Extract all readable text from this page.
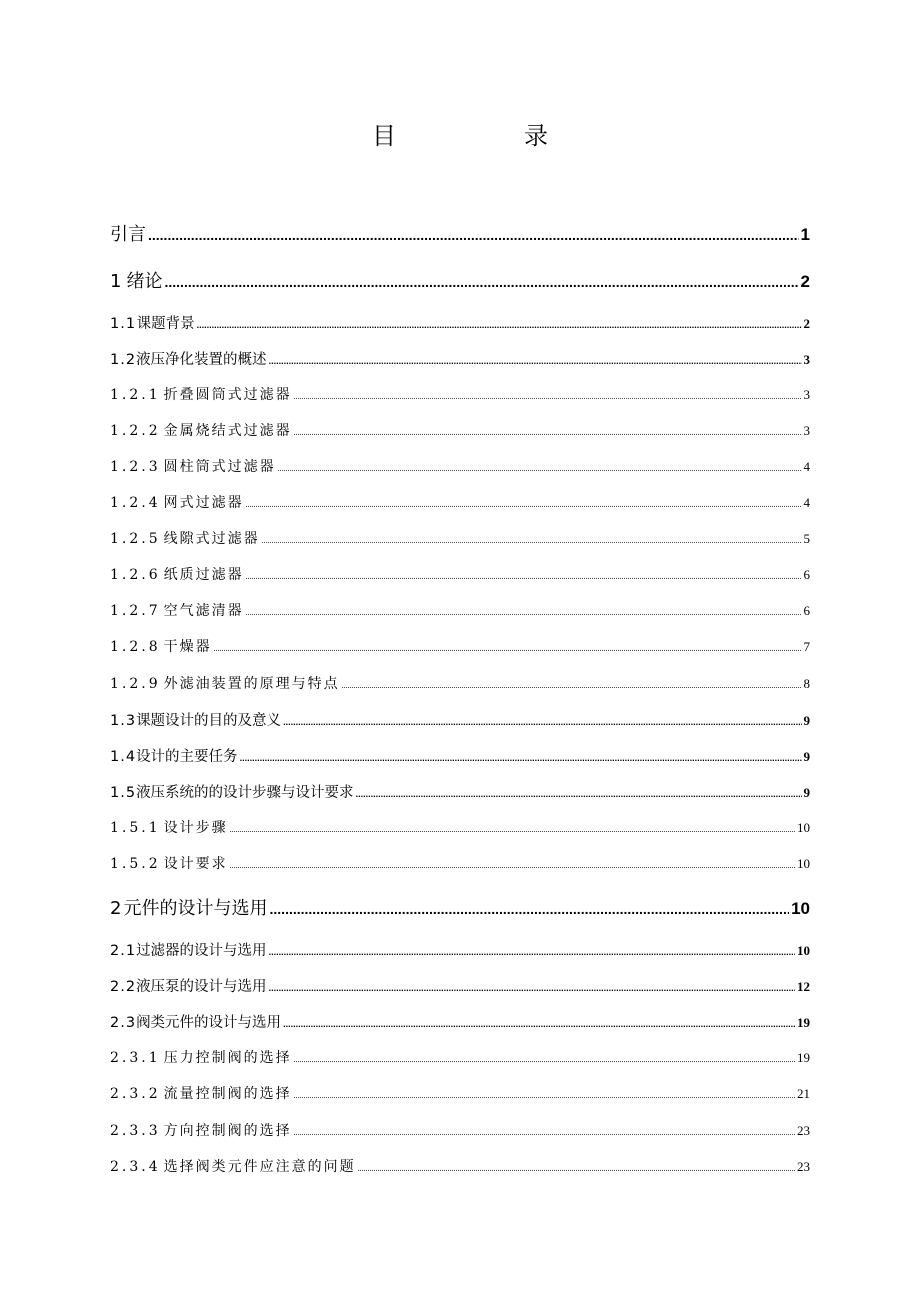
目　录
引言 .....	1
1 绪论 .....	2
1.1 课题背景 .....	2
1.2 液压净化装置的概述 .....	3
1.2.1 折叠圆筒式过滤器 .....	3
1.2.2 金属烧结式过滤器 .....	3
1.2.3 圆柱筒式过滤器 .....	4
1.2.4 网式过滤器 .....	4
1.2.5 线隙式过滤器 .....	5
1.2.6 纸质过滤器 .....	6
1.2.7 空气滤清器 .....	6
1.2.8 干燥器 .....	7
1.2.9 外滤油装置的原理与特点 .....	8
1.3 课题设计的目的及意义 .....	9
1.4 设计的主要任务 .....	9
1.5 液压系统的的设计步骤与设计要求 .....	9
1.5.1 设计步骤 .....	10
1.5.2 设计要求 .....	10
2 元件的设计与选用 .....	10
2.1 过滤器的设计与选用 .....	10
2.2 液压泵的设计与选用 .....	12
2.3 阀类元件的设计与选用 .....	19
2.3.1 压力控制阀的选择 .....	19
2.3.2 流量控制阀的选择 .....	21
2.3.3 方向控制阀的选择 .....	23
2.3.4 选择阀类元件应注意的问题 .....	23
